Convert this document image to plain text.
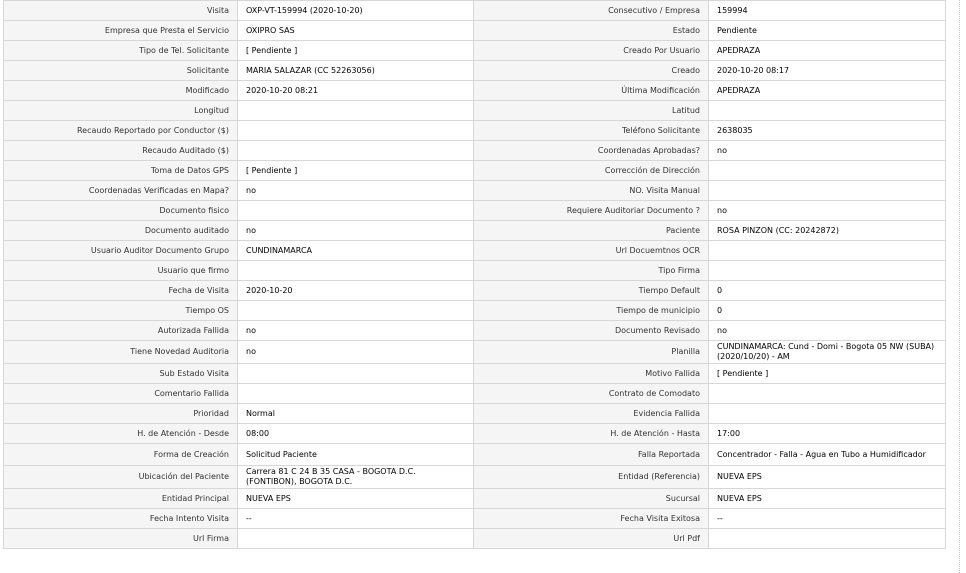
Visita	OXP-VT-159994 (2020-10-20)	Consecutivo / Empresa	159994
Empresa que Presta el Servicio	OXIPRO SAS	Estado	Pendiente
Tipo de Tel. Solicitante	[ Pendiente ]	Creado Por Usuario	APEDRAZA
Solicitante	MARIA SALAZAR (CC 52263056)	Creado	2020-10-20 08:17
Modificado	2020-10-20 08:21	Última Modificación	APEDRAZA
Longitud		Latitud	
Recaudo Reportado por Conductor ($)		Teléfono Solicitante	2638035
Recaudo Auditado ($)		Coordenadas Aprobadas?	no
Toma de Datos GPS	[ Pendiente ]	Corrección de Dirección	
Coordenadas Verificadas en Mapa?	no	NO. Visita Manual	
Documento fisico		Requiere Auditoriar Documento ?	no
Documento auditado	no	Paciente	ROSA PINZON (CC: 20242872)
Usuario Auditor Documento Grupo	CUNDINAMARCA	Url Docuemtnos OCR	
Usuario que firmo		Tipo Firma	
Fecha de Visita	2020-10-20	Tiempo Default	0
Tiempo OS		Tiempo de municipio	0
Autorizada Fallida	no	Documento Revisado	no
Tiene Novedad Auditoria	no	Planilla	CUNDINAMARCA: Cund - Domi - Bogota 05 NW (SUBA) (2020/10/20) - AM
Sub Estado Visita		Motivo Fallida	[ Pendiente ]
Comentario Fallida		Contrato de Comodato	
Prioridad	Normal	Evidencia Fallida	
H. de Atención - Desde	08:00	H. de Atención - Hasta	17:00
Forma de Creación	Solicitud Paciente	Falla Reportada	Concentrador - Falla - Agua en Tubo a Humidificador
Ubicación del Paciente	Carrera 81 C 24 B 35 CASA - BOGOTA D.C. (FONTIBON), BOGOTA D.C.	Entidad (Referencia)	NUEVA EPS
Entidad Principal	NUEVA EPS	Sucursal	NUEVA EPS
Fecha Intento Visita	--	Fecha Visita Exitosa	--
Url Firma		Url Pdf	
